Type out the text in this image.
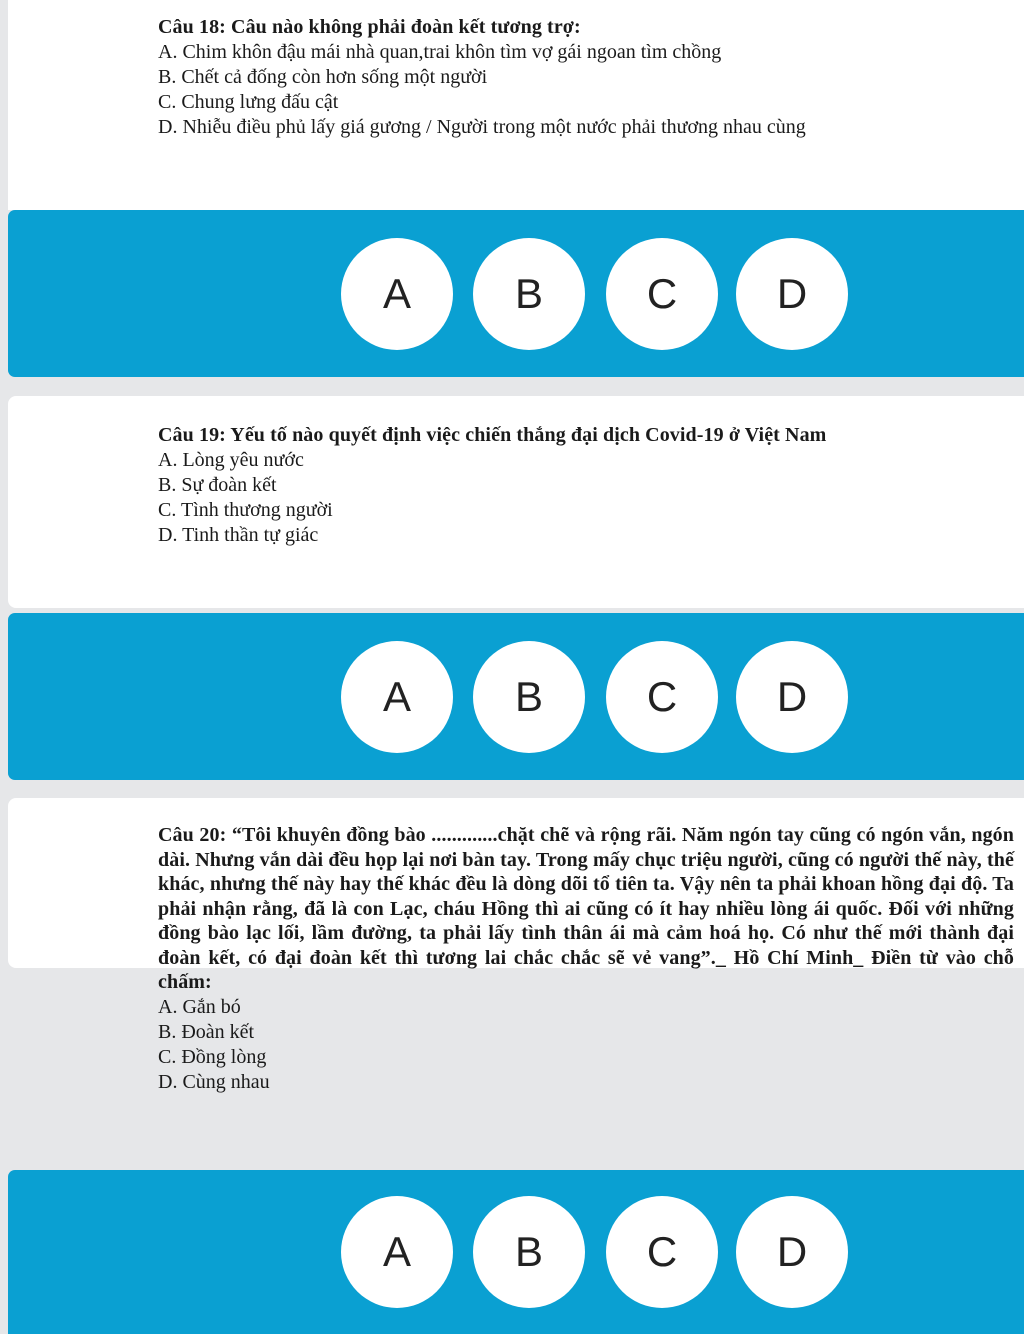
Câu 18: Câu nào không phải đoàn kết tương trợ:

A. Chim khôn đậu mái nhà quan,trai khôn tìm vợ gái ngoan tìm chồng

B. Chết cả đống còn hơn sống một người

C. Chung lưng đấu cật

D. Nhiễu điều phủ lấy giá gương / Người trong một nước phải thương nhau cùng

A	B	C	D

Câu 19: Yếu tố nào quyết định việc chiến thắng đại dịch Covid-19 ở Việt Nam

A. Lòng yêu nước

B. Sự đoàn kết

C. Tình thương người

D. Tinh thần tự giác

A	B	C	D

Câu 20: “Tôi khuyên đồng bào .............chặt chẽ và rộng rãi. Năm ngón tay cũng có ngón vắn, ngón dài. Nhưng vắn dài đều họp lại nơi bàn tay. Trong mấy chục triệu người, cũng có người thế này, thế khác, nhưng thế này hay thế khác đều là dòng dõi tổ tiên ta. Vậy nên ta phải khoan hồng đại độ. Ta phải nhận rằng, đã là con Lạc, cháu Hồng thì ai cũng có ít hay nhiều lòng ái quốc. Đối với những đồng bào lạc lối, lầm đường, ta phải lấy tình thân ái mà cảm hoá họ. Có như thế mới thành đại đoàn kết, có đại đoàn kết thì tương lai chắc chắc sẽ vẻ vang”._ Hồ Chí Minh_ Điền từ vào chỗ chấm:

A. Gắn bó

B. Đoàn kết

C. Đồng lòng

D. Cùng nhau

A	B	C	D
